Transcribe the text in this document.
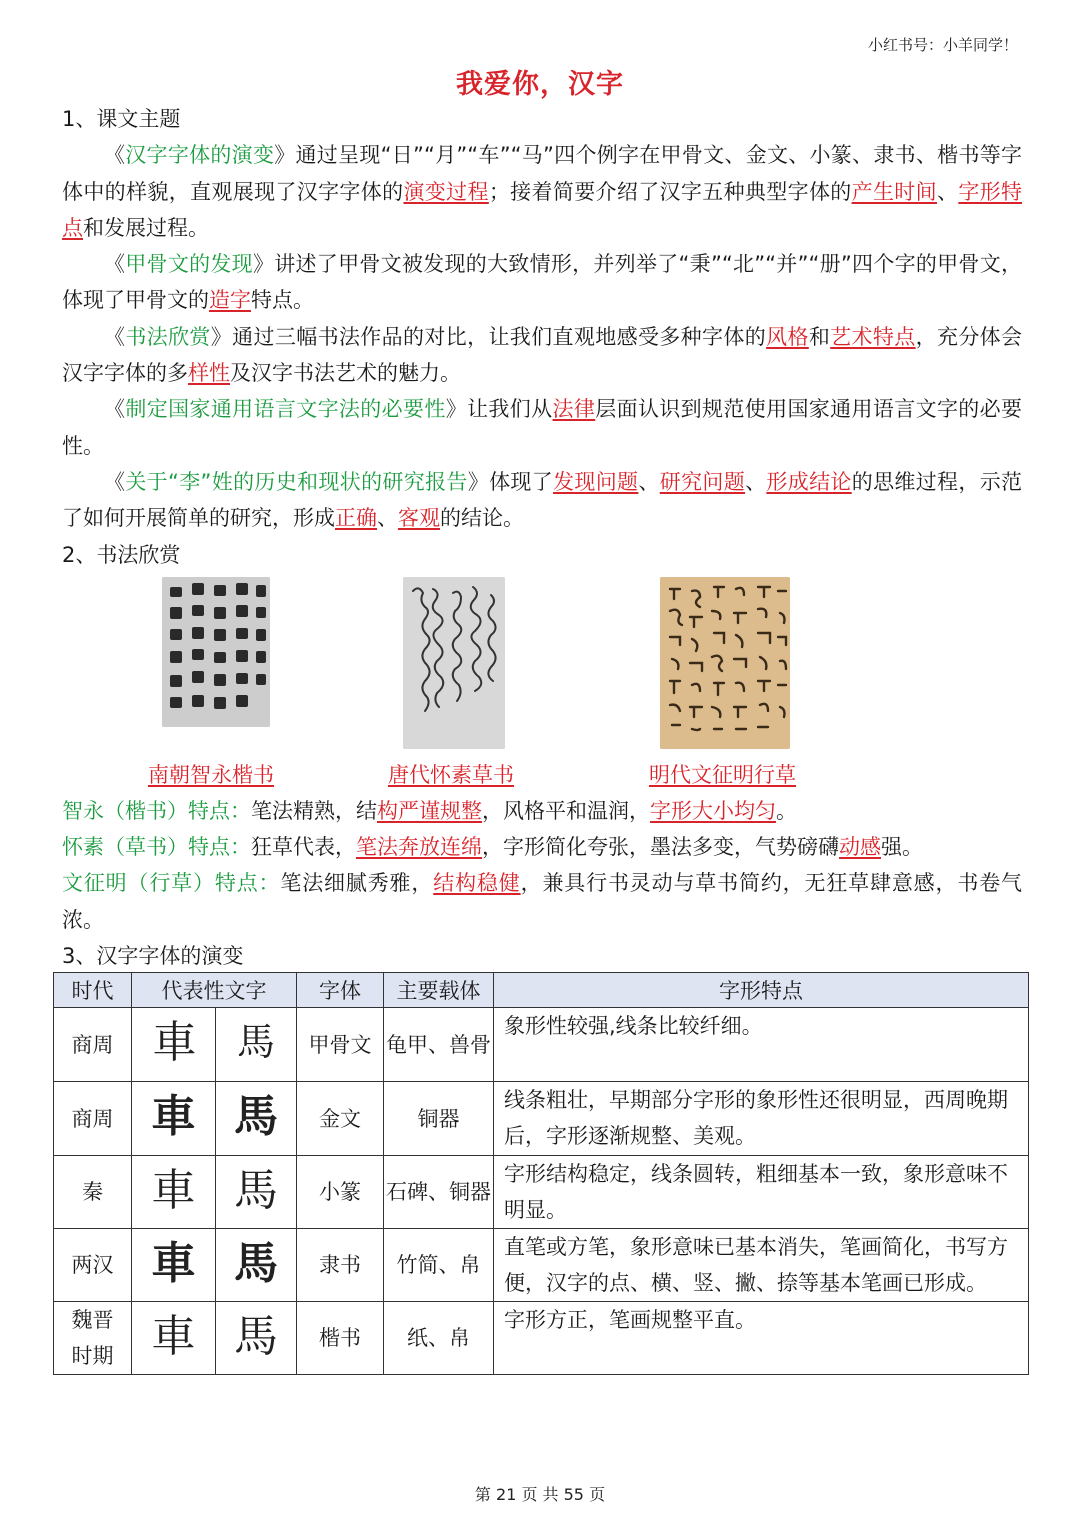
小红书号：小羊同学！
我爱你，汉字

1、课文主题

《汉字字体的演变》通过呈现“日”“月”“车”“马”四个例字在甲骨文、金文、小篆、隶书、楷书等字体中的样貌，直观展现了汉字字体的演变过程；接着简要介绍了汉字五种典型字体的产生时间、字形特点和发展过程。

《甲骨文的发现》讲述了甲骨文被发现的大致情形，并列举了“秉”“北”“并”“册”四个字的甲骨文，体现了甲骨文的造字特点。

《书法欣赏》通过三幅书法作品的对比，让我们直观地感受多种字体的风格和艺术特点，充分体会汉字字体的多样性及汉字书法艺术的魅力。

《制定国家通用语言文字法的必要性》让我们从法律层面认识到规范使用国家通用语言文字的必要性。

《关于“李”姓的历史和现状的研究报告》体现了发现问题、研究问题、形成结论的思维过程，示范了如何开展简单的研究，形成正确、客观的结论。

2、书法欣赏

南朝智永楷书	唐代怀素草书	明代文征明行草

智永（楷书）特点：笔法精熟，结构严谨规整，风格平和温润，字形大小均匀。

怀素（草书）特点：狂草代表，笔法奔放连绵，字形简化夸张，墨法多变，气势磅礴动感强。

文征明（行草）特点：笔法细腻秀雅，结构稳健，兼具行书灵动与草书简约，无狂草肆意感，书卷气浓。

3、汉字字体的演变

时代	代表性文字		字体	主要载体	字形特点
商周	車	馬	甲骨文	龟甲、兽骨	象形性较强,线条比较纤细。
商周	車	馬	金文	铜器	线条粗壮，早期部分字形的象形性还很明显，西周晚期后，字形逐渐规整、美观。
秦	車	馬	小篆	石碑、铜器	字形结构稳定，线条圆转，粗细基本一致，象形意味不明显。
两汉	車	馬	隶书	竹简、帛	直笔或方笔，象形意味已基本消失，笔画简化，书写方便，汉字的点、横、竖、撇、捺等基本笔画已形成。
魏晋时期	車	馬	楷书	纸、帛	字形方正，笔画规整平直。
第 21 页 共 55 页
